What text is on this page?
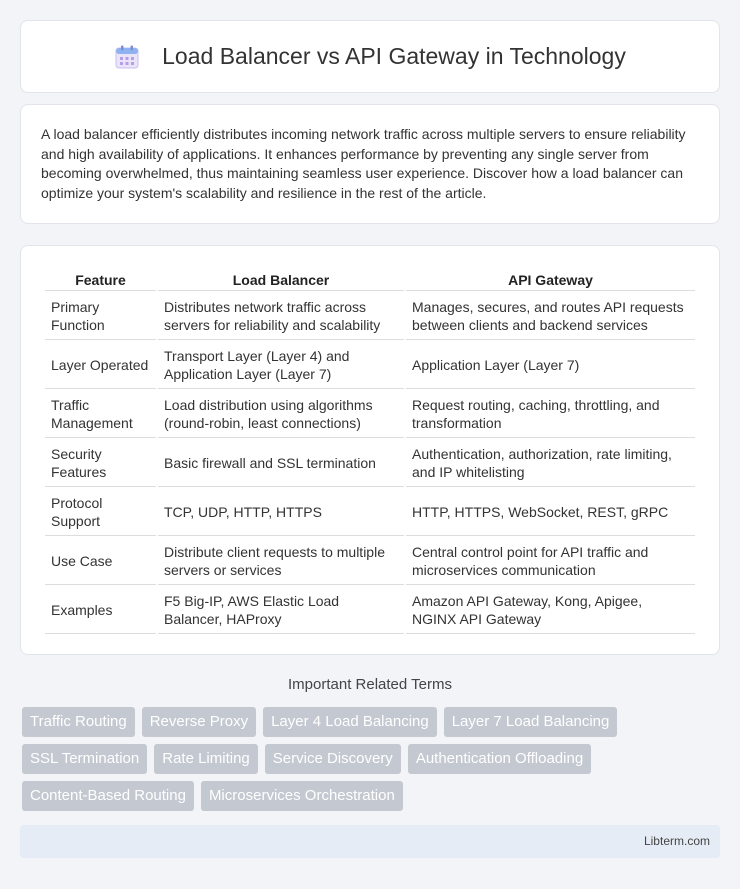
Load Balancer vs API Gateway in Technology

A load balancer efficiently distributes incoming network traffic across multiple servers to ensure reliability and high availability of applications. It enhances performance by preventing any single server from becoming overwhelmed, thus maintaining seamless user experience. Discover how a load balancer can optimize your system's scalability and resilience in the rest of the article.

Feature	Load Balancer	API Gateway
Primary Function	Distributes network traffic across servers for reliability and scalability	Manages, secures, and routes API requests between clients and backend services
Layer Operated	Transport Layer (Layer 4) and Application Layer (Layer 7)	Application Layer (Layer 7)
Traffic Management	Load distribution using algorithms (round-robin, least connections)	Request routing, caching, throttling, and transformation
Security Features	Basic firewall and SSL termination	Authentication, authorization, rate limiting, and IP whitelisting
Protocol Support	TCP, UDP, HTTP, HTTPS	HTTP, HTTPS, WebSocket, REST, gRPC
Use Case	Distribute client requests to multiple servers or services	Central control point for API traffic and microservices communication
Examples	F5 Big-IP, AWS Elastic Load Balancer, HAProxy	Amazon API Gateway, Kong, Apigee, NGINX API Gateway
Important Related Terms
Traffic Routing	Reverse Proxy	Layer 4 Load Balancing	Layer 7 Load Balancing
SSL Termination	Rate Limiting	Service Discovery	Authentication Offloading
Content-Based Routing	Microservices Orchestration
Libterm.com
